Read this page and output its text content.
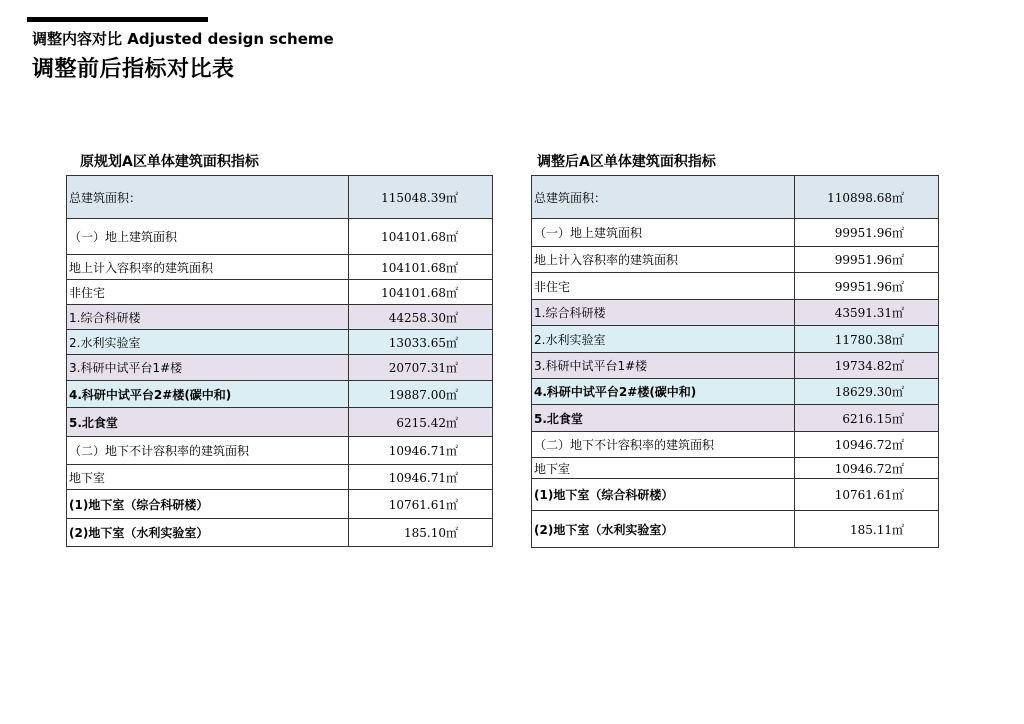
调整内容对比 Adjusted design scheme
调整前后指标对比表
原规划A区单体建筑面积指标
总建筑面积：	115048.39㎡
（一）地上建筑面积	104101.68㎡
地上计入容积率的建筑面积	104101.68㎡
非住宅	104101.68㎡
1.综合科研楼	44258.30㎡
2.水利实验室	13033.65㎡
3.科研中试平台1#楼	20707.31㎡
4.科研中试平台2#楼(碳中和)	19887.00㎡
5.北食堂	6215.42㎡
（二）地下不计容积率的建筑面积	10946.71㎡
地下室	10946.71㎡
(1)地下室（综合科研楼）	10761.61㎡
(2)地下室（水利实验室）	185.10㎡
调整后A区单体建筑面积指标
总建筑面积：	110898.68㎡
（一）地上建筑面积	99951.96㎡
地上计入容积率的建筑面积	99951.96㎡
非住宅	99951.96㎡
1.综合科研楼	43591.31㎡
2.水利实验室	11780.38㎡
3.科研中试平台1#楼	19734.82㎡
4.科研中试平台2#楼(碳中和)	18629.30㎡
5.北食堂	6216.15㎡
（二）地下不计容积率的建筑面积	10946.72㎡
地下室	10946.72㎡
(1)地下室（综合科研楼）	10761.61㎡
(2)地下室（水利实验室）	185.11㎡
